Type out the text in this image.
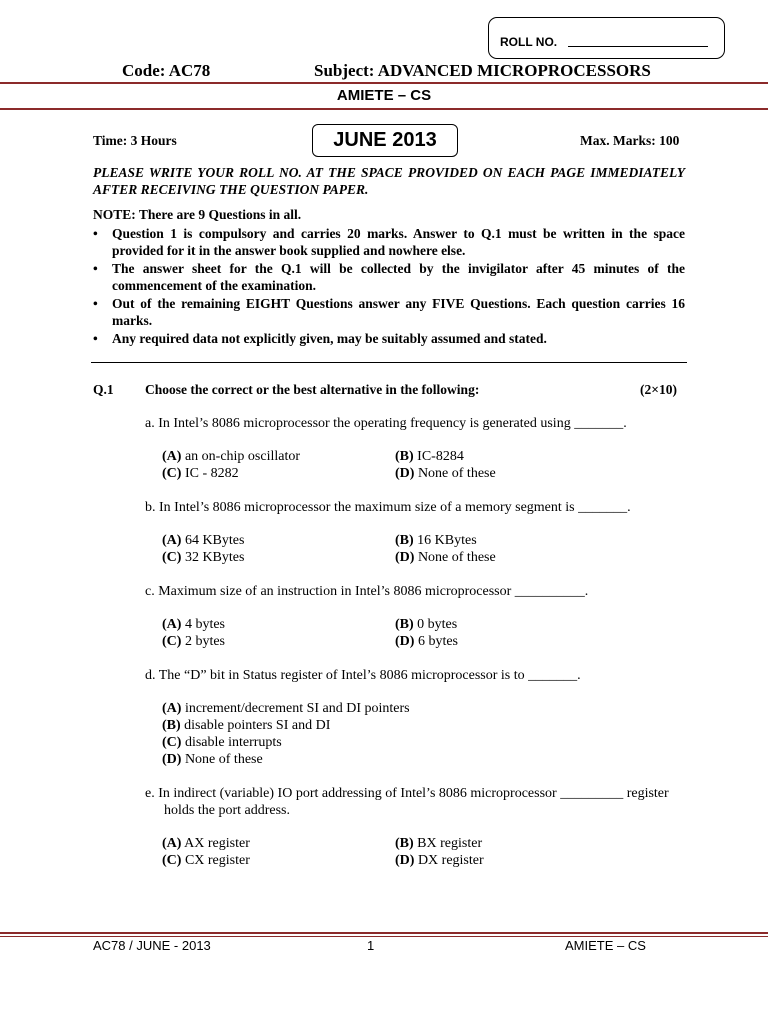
ROLL NO.
Code: AC78	Subject: ADVANCED MICROPROCESSORS
AMIETE – CS
Time: 3 Hours	JUNE 2013	Max. Marks: 100
PLEASE WRITE YOUR ROLL NO. AT THE SPACE PROVIDED ON EACH PAGE IMMEDIATELY AFTER RECEIVING THE QUESTION PAPER.
NOTE: There are 9 Questions in all.
• Question 1 is compulsory and carries 20 marks. Answer to Q.1 must be written in the space provided for it in the answer book supplied and nowhere else.
• The answer sheet for the Q.1 will be collected by the invigilator after 45 minutes of the commencement of the examination.
• Out of the remaining EIGHT Questions answer any FIVE Questions. Each question carries 16 marks.
• Any required data not explicitly given, may be suitably assumed and stated.
Q.1 Choose the correct or the best alternative in the following:	(2×10)
a. In Intel’s 8086 microprocessor the operating frequency is generated using _______.
(A) an on-chip oscillator	(B) IC-8284
(C) IC - 8282	(D) None of these
b. In Intel’s 8086 microprocessor the maximum size of a memory segment is _______.
(A) 64 KBytes	(B) 16 KBytes
(C) 32 KBytes	(D) None of these
c. Maximum size of an instruction in Intel’s 8086 microprocessor __________.
(A) 4 bytes	(B) 0 bytes
(C) 2 bytes	(D) 6 bytes
d. The “D” bit in Status register of Intel’s 8086 microprocessor is to _______.
(A) increment/decrement SI and DI pointers
(B) disable pointers SI and DI
(C) disable interrupts
(D) None of these
e. In indirect (variable) IO port addressing of Intel’s 8086 microprocessor _________ register holds the port address.
(A) AX register	(B) BX register
(C) CX register	(D) DX register
AC78 / JUNE - 2013	1	AMIETE – CS
